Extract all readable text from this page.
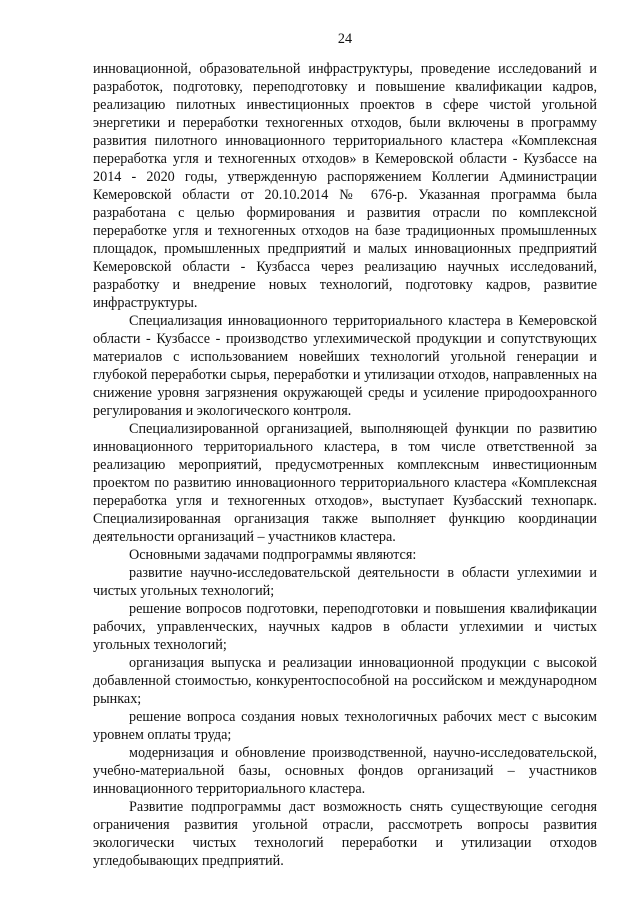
24

инновационной, образовательной инфраструктуры, проведение исследований и разработок, подготовку, переподготовку и повышение квалификации кадров, реализацию пилотных инвестиционных проектов в сфере чистой угольной энергетики и переработки техногенных отходов, были включены в программу развития пилотного инновационного территориального кластера «Комплексная переработка угля и техногенных отходов» в Кемеровской области - Кузбассе на 2014 - 2020 годы, утвержденную распоряжением Коллегии Администрации Кемеровской области от 20.10.2014 № 676-р. Указанная программа была разработана с целью формирования и развития отрасли по комплексной переработке угля и техногенных отходов на базе традиционных промышленных площадок, промышленных предприятий и малых инновационных предприятий Кемеровской области - Кузбасса через реализацию научных исследований, разработку и внедрение новых технологий, подготовку кадров, развитие инфраструктуры.

Специализация инновационного территориального кластера в Кемеровской области - Кузбассе - производство углехимической продукции и сопутствующих материалов с использованием новейших технологий угольной генерации и глубокой переработки сырья, переработки и утилизации отходов, направленных на снижение уровня загрязнения окружающей среды и усиление природоохранного регулирования и экологического контроля.

Специализированной организацией, выполняющей функции по развитию инновационного территориального кластера, в том числе ответственной за реализацию мероприятий, предусмотренных комплексным инвестиционным проектом по развитию инновационного территориального кластера «Комплексная переработка угля и техногенных отходов», выступает Кузбасский технопарк. Специализированная организация также выполняет функцию координации деятельности организаций – участников кластера.

Основными задачами подпрограммы являются:

развитие научно-исследовательской деятельности в области углехимии и чистых угольных технологий;

решение вопросов подготовки, переподготовки и повышения квалификации рабочих, управленческих, научных кадров в области углехимии и чистых угольных технологий;

организация выпуска и реализации инновационной продукции с высокой добавленной стоимостью, конкурентоспособной на российском и международном рынках;

решение вопроса создания новых технологичных рабочих мест с высоким уровнем оплаты труда;

модернизация и обновление производственной, научно-исследовательской, учебно-материальной базы, основных фондов организаций – участников инновационного территориального кластера.

Развитие подпрограммы даст возможность снять существующие сегодня ограничения развития угольной отрасли, рассмотреть вопросы развития экологически чистых технологий переработки и утилизации отходов угледобывающих предприятий.
